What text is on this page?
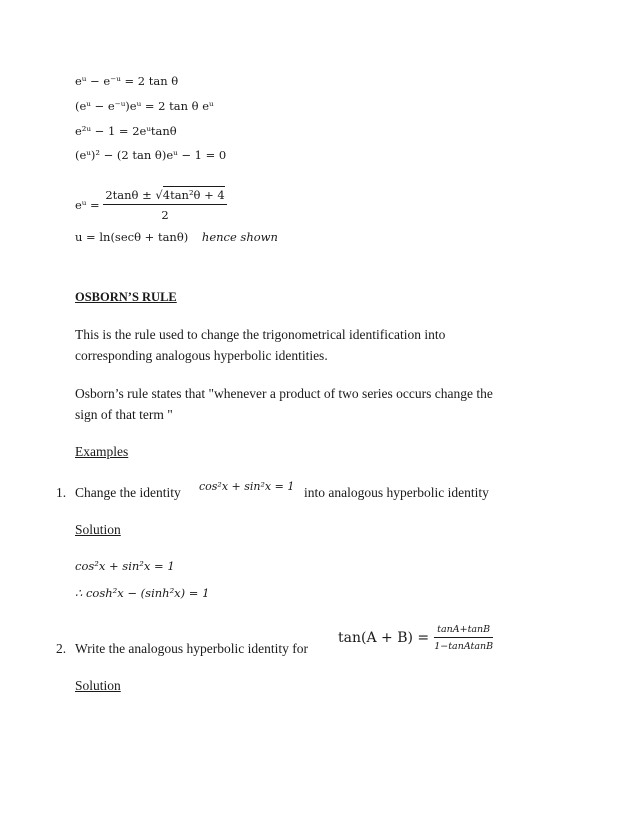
eᵘ − e⁻ᵘ = 2 tan θ
(eᵘ − e⁻ᵘ)eᵘ = 2 tan θ eᵘ
e²ᵘ − 1 = 2eᵘtanθ
(eᵘ)² − (2 tan θ)eᵘ − 1 = 0
eᵘ = $\frac{\text{2tanθ ± √4tan²θ + 4}}{2}$
u = ln(secθ + tanθ) hence shown
OSBORN’S RULE
This is the rule used to change the trigonometrical identification into
corresponding analogous hyperbolic identities.
Osborn’s rule states that "whenever a product of two series occurs change the
sign of that term "
Examples
1. Change the identity cos²x + sin²x = 1 into analogous hyperbolic identity
Solution
cos²x + sin²x = 1
∴ cosh²x − (sinh²x) = 1
2. Write the analogous hyperbolic identity for
$\tan(A + B) = \frac{\tan A+\tan B}{\text{1−tanAtanB}}$
Solution
